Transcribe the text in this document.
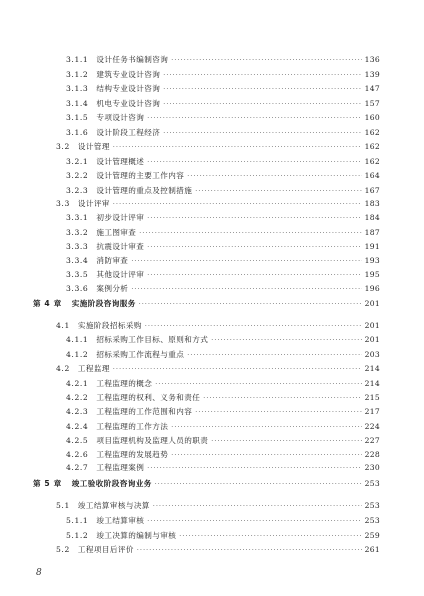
3.1.1 设计任务书编制咨询 ·····	136
3.1.2 建筑专业设计咨询 ·····	139
3.1.3 结构专业设计咨询 ·····	147
3.1.4 机电专业设计咨询 ·····	157
3.1.5 专项设计咨询 ·····	160
3.1.6 设计阶段工程经济 ·····	162
3.2 设计管理 ·····	162
3.2.1 设计管理概述 ·····	162
3.2.2 设计管理的主要工作内容 ·····	164
3.2.3 设计管理的重点及控制措施 ·····	167
3.3 设计评审 ·····	183
3.3.1 初步设计评审 ·····	184
3.3.2 施工图审查 ·····	187
3.3.3 抗震设计审查 ·····	191
3.3.4 消防审查 ·····	193
3.3.5 其他设计评审 ·····	195
3.3.6 案例分析 ·····	196
第 4 章 实施阶段咨询服务 ·····	201
4.1 实施阶段招标采购 ·····	201
4.1.1 招标采购工作目标、原则和方式 ·····	201
4.1.2 招标采购工作流程与重点 ·····	203
4.2 工程监理 ·····	214
4.2.1 工程监理的概念 ·····	214
4.2.2 工程监理的权利、义务和责任 ·····	215
4.2.3 工程监理的工作范围和内容 ·····	217
4.2.4 工程监理的工作方法 ·····	224
4.2.5 项目监理机构及监理人员的职责 ·····	227
4.2.6 工程监理的发展趋势 ·····	228
4.2.7 工程监理案例 ·····	230
第 5 章 竣工验收阶段咨询业务 ·····	253
5.1 竣工结算审核与决算 ·····	253
5.1.1 竣工结算审核 ·····	253
5.1.2 竣工决算的编制与审核 ·····	259
5.2 工程项目后评价 ·····	261
8
